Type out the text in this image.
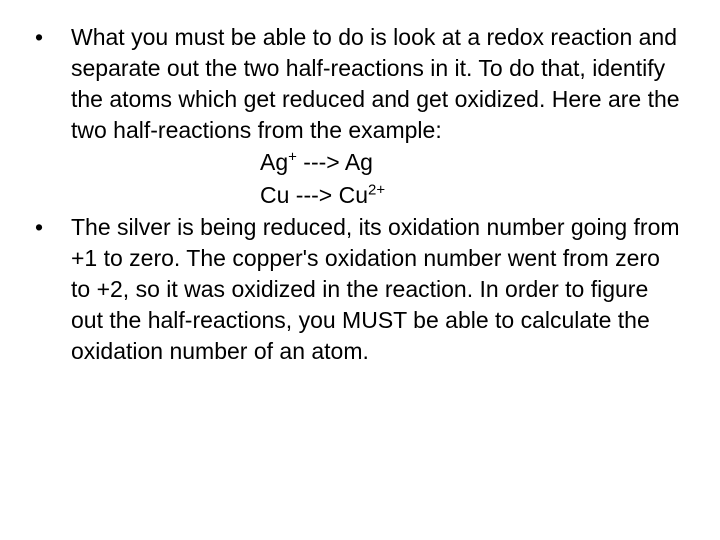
• What you must be able to do is look at a redox reaction and separate out the two half-reactions in it. To do that, identify the atoms which get reduced and get oxidized. Here are the two half-reactions from the example:
Ag+ ---> Ag
Cu ---> $Cu^{2+}$
• The silver is being reduced, its oxidation number going from +1 to zero. The copper's oxidation number went from zero to +2, so it was oxidized in the reaction. In order to figure out the half-reactions, you MUST be able to calculate the oxidation number of an atom.
